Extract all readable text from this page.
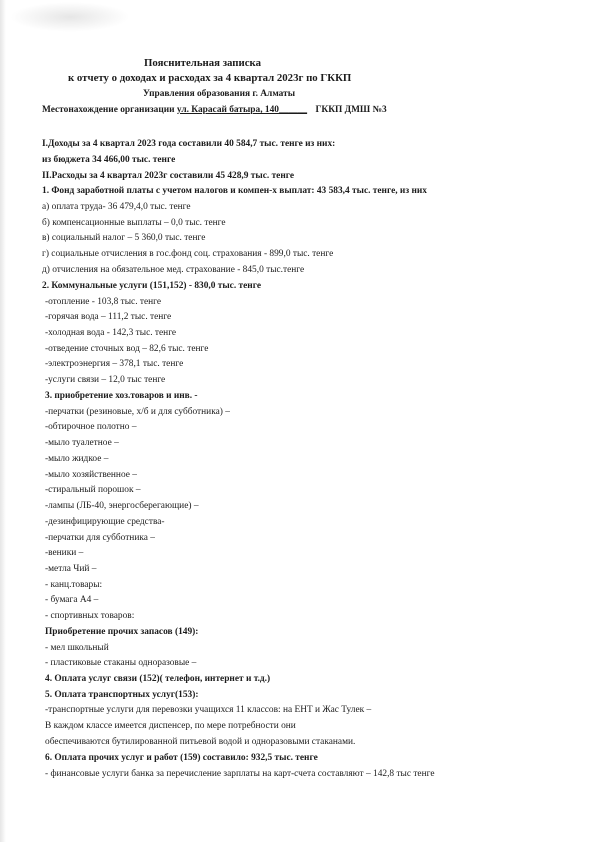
Пояснительная записка
к отчету о доходах и расходах за 4 квартал 2023г по ГККП
Управления образования г. Алматы
Местонахождение организации ул. Карасай батыра, 140______ ГККП ДМШ №3
I.Доходы за 4 квартал 2023 года составили 40 584,7 тыс. тенге из них:
из бюджета 34 466,00 тыс. тенге
II.Расходы за 4 квартал 2023г составили 45 428,9 тыс. тенге
1. Фонд заработной платы с учетом налогов и компен-х выплат: 43 583,4 тыс. тенге, из них
а) оплата труда- 36 479,4,0 тыс. тенге
б) компенсационные выплаты – 0,0 тыс. тенге
в) социальный налог – 5 360,0 тыс. тенге
г) социальные отчисления в гос.фонд соц. страхования - 899,0 тыс. тенге
д) отчисления на обязательное мед. страхование - 845,0 тыс.тенге
2. Коммунальные услуги (151,152) - 830,0 тыс. тенге
-отопление - 103,8 тыс. тенге
-горячая вода – 111,2 тыс. тенге
-холодная вода - 142,3 тыс. тенге
-отведение сточных вод – 82,6 тыс. тенге
-электроэнергия – 378,1 тыс. тенге
-услуги связи – 12,0 тыс тенге
3. приобретение хоз.товаров и инв. -
-перчатки (резиновые, х/б и для субботника) –
-обтирочное полотно –
-мыло туалетное –
-мыло жидкое –
-мыло хозяйственное –
-стиральный порошок –
-лампы (ЛБ-40, энергосберегающие) –
-дезинфицирующие средства-
-перчатки для субботника –
-веники –
-метла Чий –
- канц.товары:
- бумага А4 –
- спортивных товаров:
Приобретение прочих запасов (149):
- мел школьный
- пластиковые стаканы одноразовые –
4. Оплата услуг связи (152)( телефон, интернет и т.д.)
5. Оплата транспортных услуг(153):
-транспортные услуги для перевозки учащихся 11 классов: на ЕНТ и Жас Тулек –
В каждом классе имеется диспенсер, по мере потребности они
обеспечиваются бутилированной питьевой водой и одноразовыми стаканами.
6. Оплата прочих услуг и работ (159) составило: 932,5 тыс. тенге
- финансовые услуги банка за перечисление зарплаты на карт-счета составляют – 142,8 тыс тенге
